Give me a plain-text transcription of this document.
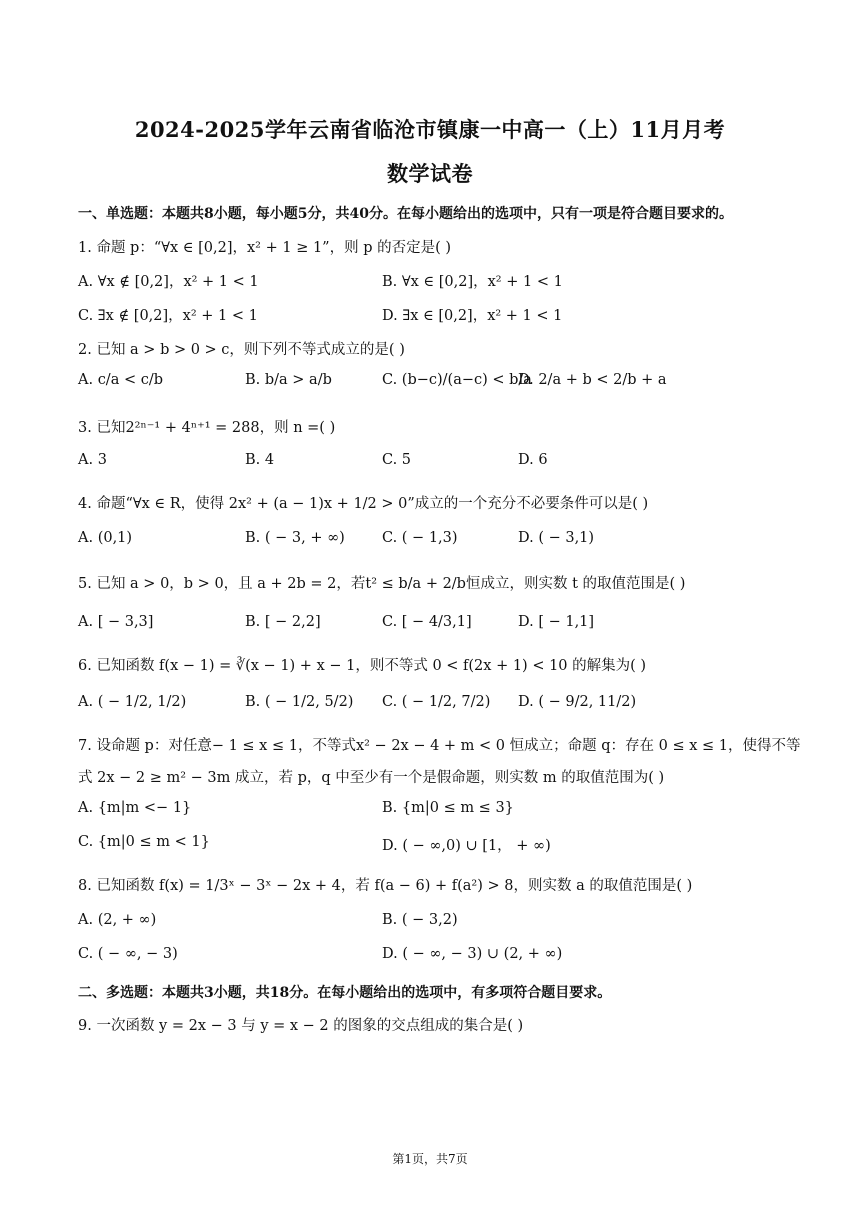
2024-2025学年云南省临沧市镇康一中高一（上）11月月考
数学试卷
一、单选题：本题共8小题，每小题5分，共40分。在每小题给出的选项中，只有一项是符合题目要求的。
1. 命题 p：“∀x ∈ [0,2]，x² + 1 ≥ 1”，则 p 的否定是( )
A. ∀x ∉ [0,2]，x² + 1 < 1	B. ∀x ∈ [0,2]，x² + 1 < 1
C. ∃x ∉ [0,2]，x² + 1 < 1	D. ∃x ∈ [0,2]，x² + 1 < 1
2. 已知 a > b > 0 > c，则下列不等式成立的是( )
A. c/a < c/b	B. b/a > a/b	C. (b−c)/(a−c) < b/a
D. 2/a + b < 2/b + a
3. 已知2²ⁿ⁻¹ + 4ⁿ⁺¹ = 288，则 n =( )
A. 3	B. 4	C. 5	D. 6
4. 命题“∀x ∈ R，使得 2x² + (a − 1)x + 1/2 > 0”成立的一个充分不必要条件可以是( )
A. (0,1)	B. ( − 3, + ∞)	C. ( − 1,3)	D. ( − 3,1)
5. 已知 a > 0，b > 0，且 a + 2b = 2，若t² ≤ b/a + 2/b恒成立，则实数 t 的取值范围是( )
A. [ − 3,3]	B. [ − 2,2]	C. [ − 4/3,1]	D. [ − 1,1]
6. 已知函数 f(x − 1) = ∛(x − 1) + x − 1，则不等式 0 < f(2x + 1) < 10 的解集为( )
A. ( − 1/2, 1/2)	B. ( − 1/2, 5/2) C. ( − 1/2, 7/2) D. ( − 9/2, 11/2)
7. 设命题 p：对任意− 1 ≤ x ≤ 1，不等式x² − 2x − 4 + m < 0 恒成立；命题 q：存在 0 ≤ x ≤ 1，使得不等
式 2x − 2 ≥ m² − 3m 成立，若 p，q 中至少有一个是假命题，则实数 m 的取值范围为( )
A. {m|m <− 1}	B. {m|0 ≤ m ≤ 3}
C. {m|0 ≤ m < 1}	D. ( − ∞,0) ∪ [1， + ∞)
8. 已知函数 f(x) = 1/3ˣ − 3ˣ − 2x + 4，若 f(a − 6) + f(a²) > 8，则实数 a 的取值范围是( )
A. (2, + ∞)	B. ( − 3,2)
C. ( − ∞, − 3)	D. ( − ∞, − 3) ∪ (2, + ∞)
二、多选题：本题共3小题，共18分。在每小题给出的选项中，有多项符合题目要求。
9. 一次函数 y = 2x − 3 与 y = x − 2 的图象的交点组成的集合是( )
第1页，共7页
